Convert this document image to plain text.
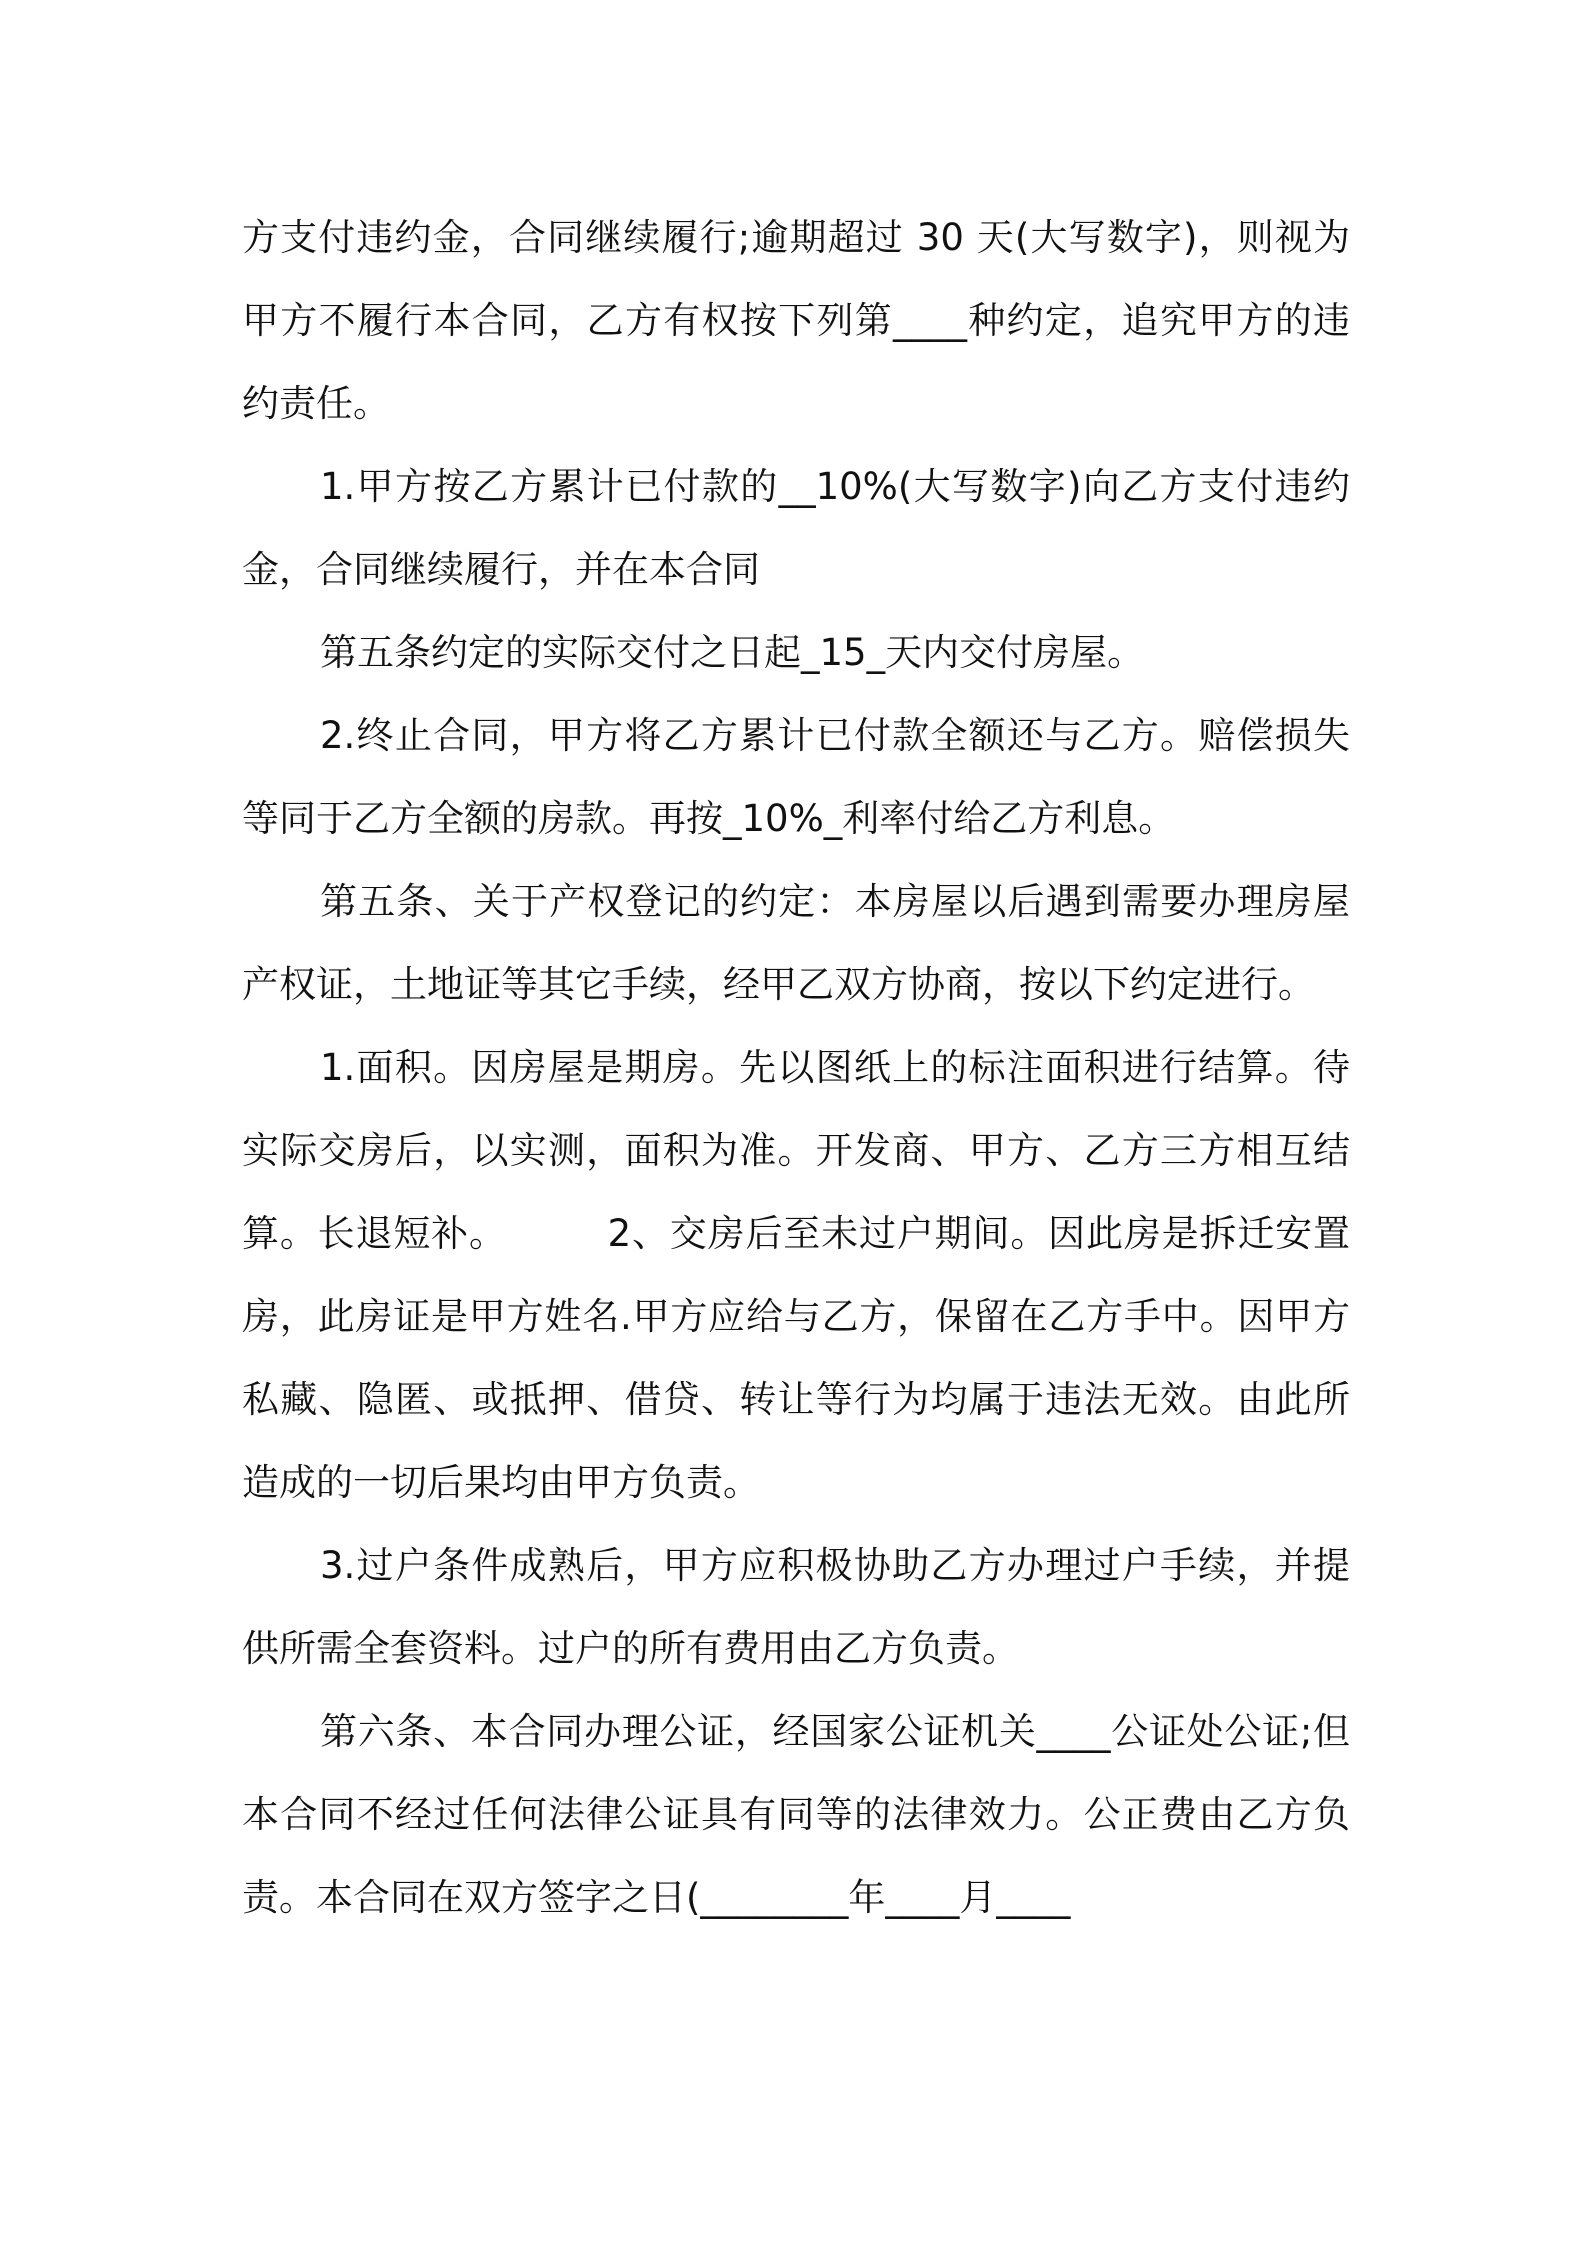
方支付违约金，合同继续履行;逾期超过 30 天(大写数字)，则视为甲方不履行本合同，乙方有权按下列第____种约定，追究甲方的违约责任。

1.甲方按乙方累计已付款的__10%(大写数字)向乙方支付违约金，合同继续履行，并在本合同

第五条约定的实际交付之日起_15_天内交付房屋。

2.终止合同，甲方将乙方累计已付款全额还与乙方。赔偿损失等同于乙方全额的房款。再按_10%_利率付给乙方利息。

第五条、关于产权登记的约定：本房屋以后遇到需要办理房屋产权证，土地证等其它手续，经甲乙双方协商，按以下约定进行。

1.面积。因房屋是期房。先以图纸上的标注面积进行结算。待实际交房后，以实测，面积为准。开发商、甲方、乙方三方相互结算。长退短补。        2、交房后至未过户期间。因此房是拆迁安置房，此房证是甲方姓名.甲方应给与乙方，保留在乙方手中。因甲方私藏、隐匿、或抵押、借贷、转让等行为均属于违法无效。由此所造成的一切后果均由甲方负责。

3.过户条件成熟后，甲方应积极协助乙方办理过户手续，并提供所需全套资料。过户的所有费用由乙方负责。

第六条、本合同办理公证，经国家公证机关____公证处公证;但本合同不经过任何法律公证具有同等的法律效力。公正费由乙方负责。本合同在双方签字之日(________年____月____
